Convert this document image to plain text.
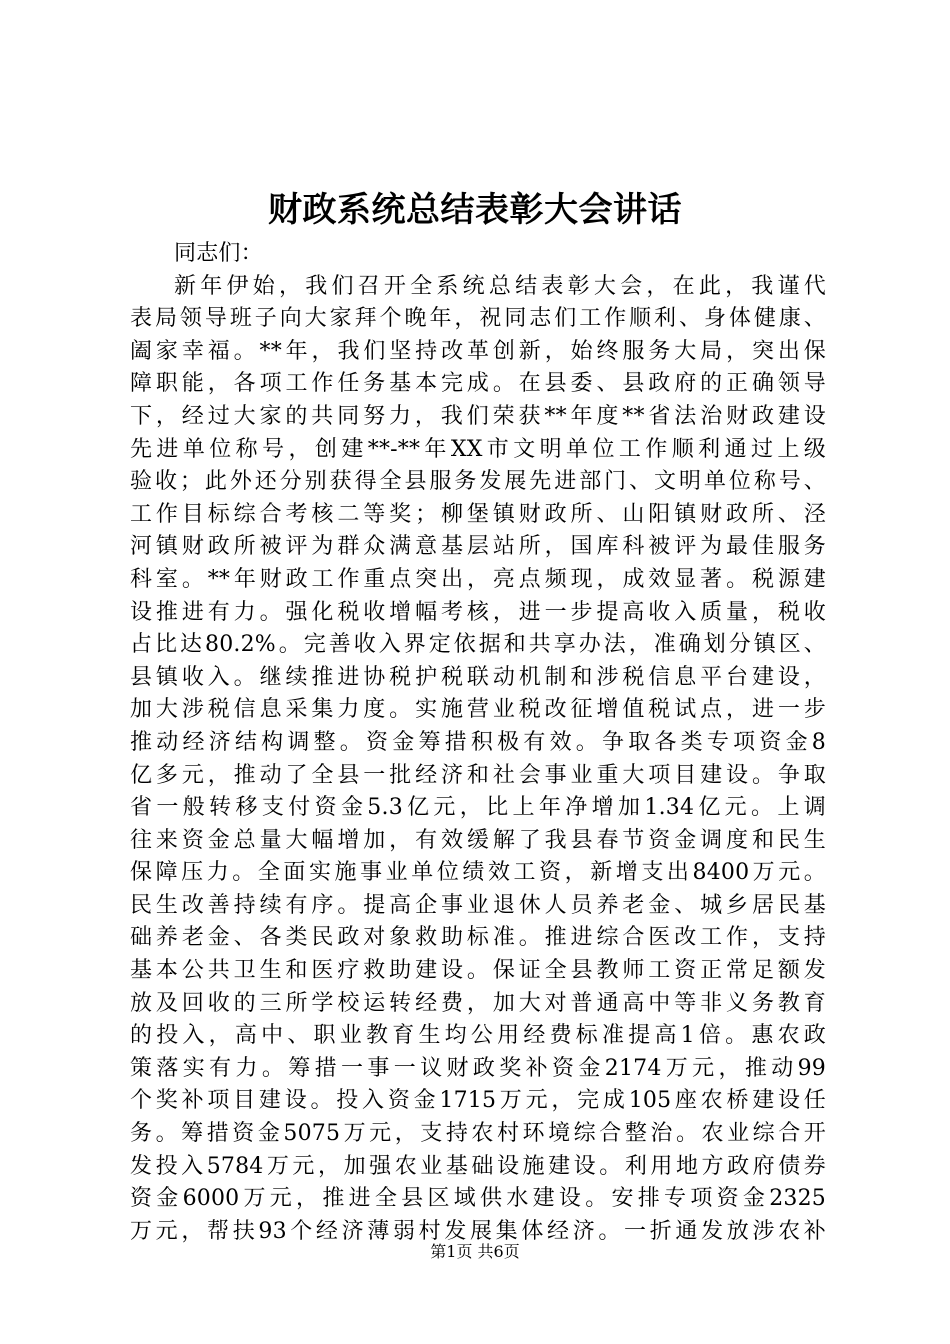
财政系统总结表彰大会讲话
同志们：
新年伊始，我们召开全系统总结表彰大会，在此，我谨代
表局领导班子向大家拜个晚年，祝同志们工作顺利、身体健康、
阖家幸福。**年，我们坚持改革创新，始终服务大局，突出保
障职能，各项工作任务基本完成。在县委、县政府的正确领导
下，经过大家的共同努力，我们荣获**年度**省法治财政建设
先进单位称号，创建**-**年XX市文明单位工作顺利通过上级
验收；此外还分别获得全县服务发展先进部门、文明单位称号、
工作目标综合考核二等奖；柳堡镇财政所、山阳镇财政所、泾
河镇财政所被评为群众满意基层站所，国库科被评为最佳服务
科室。**年财政工作重点突出，亮点频现，成效显著。税源建
设推进有力。强化税收增幅考核，进一步提高收入质量，税收
占比达80.2%。完善收入界定依据和共享办法，准确划分镇区、
县镇收入。继续推进协税护税联动机制和涉税信息平台建设，
加大涉税信息采集力度。实施营业税改征增值税试点，进一步
推动经济结构调整。资金筹措积极有效。争取各类专项资金8
亿多元，推动了全县一批经济和社会事业重大项目建设。争取
省一般转移支付资金5.3亿元，比上年净增加1.34亿元。上调
往来资金总量大幅增加，有效缓解了我县春节资金调度和民生
保障压力。全面实施事业单位绩效工资，新增支出8400万元。
民生改善持续有序。提高企事业退休人员养老金、城乡居民基
础养老金、各类民政对象救助标准。推进综合医改工作，支持
基本公共卫生和医疗救助建设。保证全县教师工资正常足额发
放及回收的三所学校运转经费，加大对普通高中等非义务教育
的投入，高中、职业教育生均公用经费标准提高1倍。惠农政
策落实有力。筹措一事一议财政奖补资金2174万元，推动99
个奖补项目建设。投入资金1715万元，完成105座农桥建设任
务。筹措资金5075万元，支持农村环境综合整治。农业综合开
发投入5784万元，加强农业基础设施建设。利用地方政府债券
资金6000万元，推进全县区域供水建设。安排专项资金2325
万元，帮扶93个经济薄弱村发展集体经济。一折通发放涉农补
第1页 共6页
